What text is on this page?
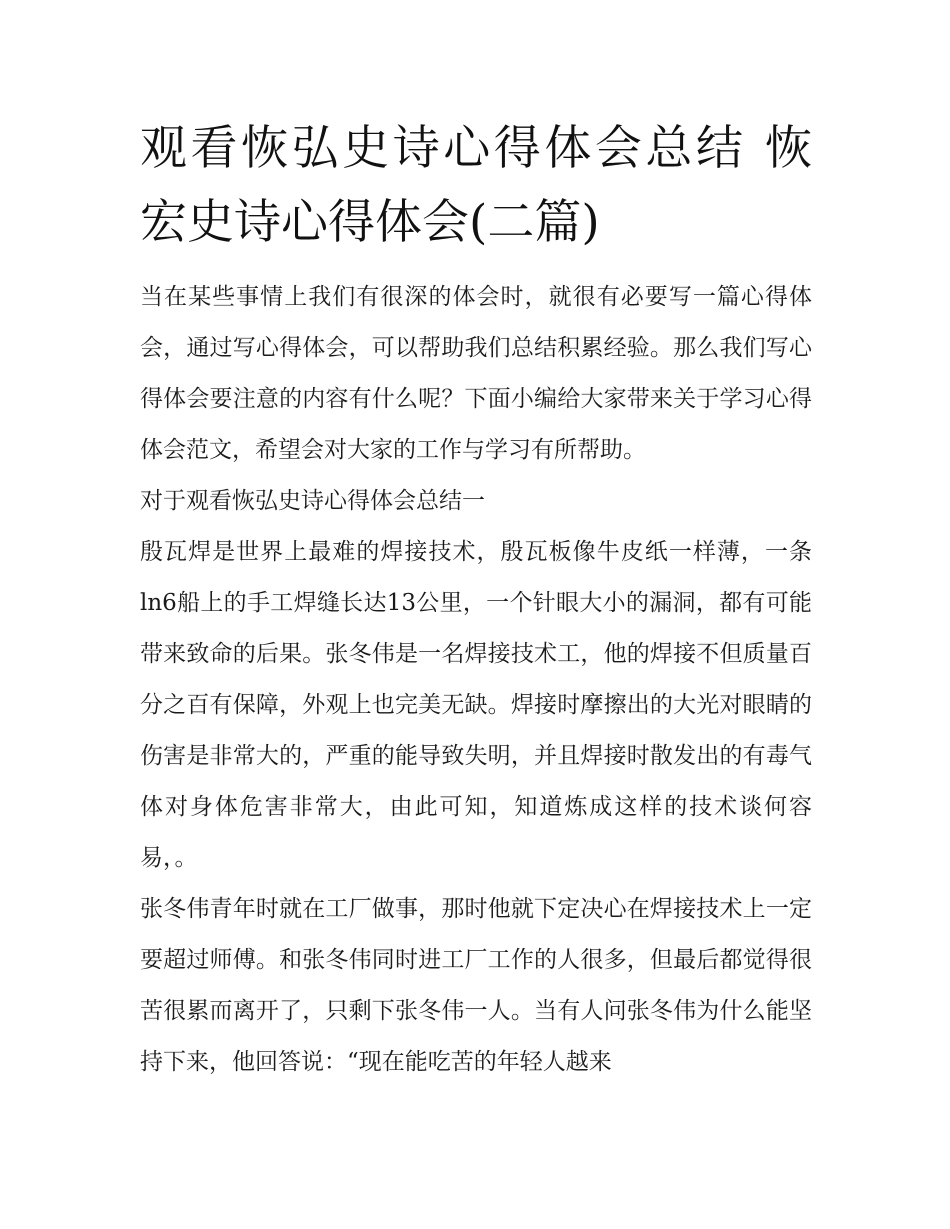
观看恢弘史诗心得体会总结 恢宏史诗心得体会(二篇)

当在某些事情上我们有很深的体会时，就很有必要写一篇心得体会，通过写心得体会，可以帮助我们总结积累经验。那么我们写心得体会要注意的内容有什么呢？下面小编给大家带来关于学习心得体会范文，希望会对大家的工作与学习有所帮助。

对于观看恢弘史诗心得体会总结一

殷瓦焊是世界上最难的焊接技术，殷瓦板像牛皮纸一样薄，一条ln6船上的手工焊缝长达13公里，一个针眼大小的漏洞，都有可能带来致命的后果。张冬伟是一名焊接技术工，他的焊接不但质量百分之百有保障，外观上也完美无缺。焊接时摩擦出的大光对眼睛的伤害是非常大的，严重的能导致失明，并且焊接时散发出的有毒气体对身体危害非常大，由此可知，知道炼成这样的技术谈何容易，。

张冬伟青年时就在工厂做事，那时他就下定决心在焊接技术上一定要超过师傅。和张冬伟同时进工厂工作的人很多，但最后都觉得很苦很累而离开了，只剩下张冬伟一人。当有人问张冬伟为什么能坚持下来，他回答说：“现在能吃苦的年轻人越来
